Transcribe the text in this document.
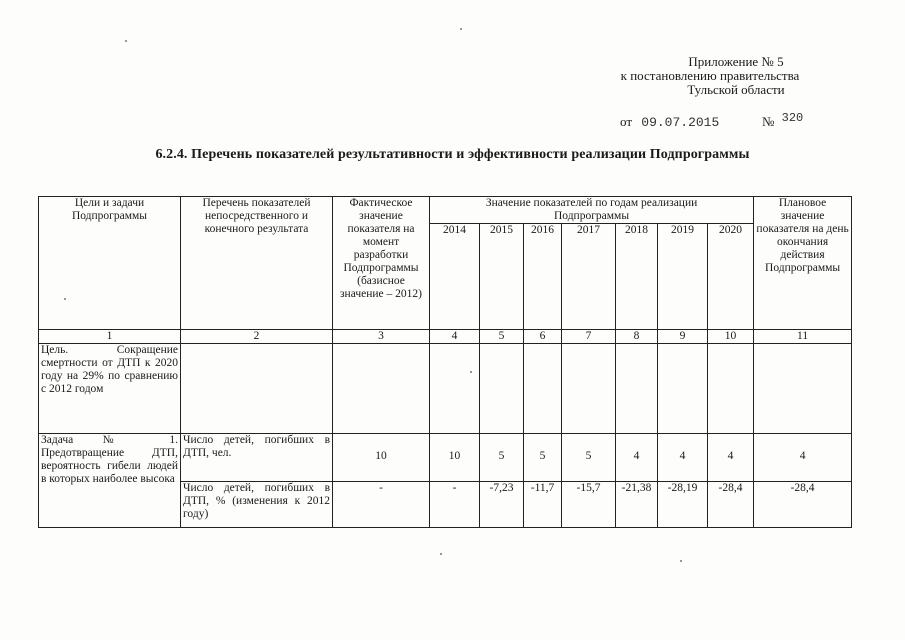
Приложение № 5
к постановлению правительства
Тульской области
от 09.07.2015	№ 320
6.2.4. Перечень показателей результативности и эффективности реализации Подпрограммы
Цели и задачи Подпрограммы	Перечень показателей непосредственного и конечного результата	Фактическое значение показателя на момент разработки Подпрограммы (базисное значение – 2012)	Значение показателей по годам реализации Подпрограммы							Плановое значение показателя на день окончания действия Подпрограммы
			2014	2015	2016	2017	2018	2019	2020	
1	2	3	4	5	6	7	8	9	10	11
Цель. Сокращение смертности от ДТП к 2020 году на 29% по сравнению с 2012 годом										
Задача № 1. Предотвращение ДТП, вероятность гибели людей в которых наиболее высока	Число детей, погибших в ДТП, чел.	10	10	5	5	5	4	4	4	4
	Число детей, погибших в ДТП, % (изменения к 2012 году)	-	-	-7,23	-11,7	-15,7	-21,38	-28,19	-28,4	-28,4
